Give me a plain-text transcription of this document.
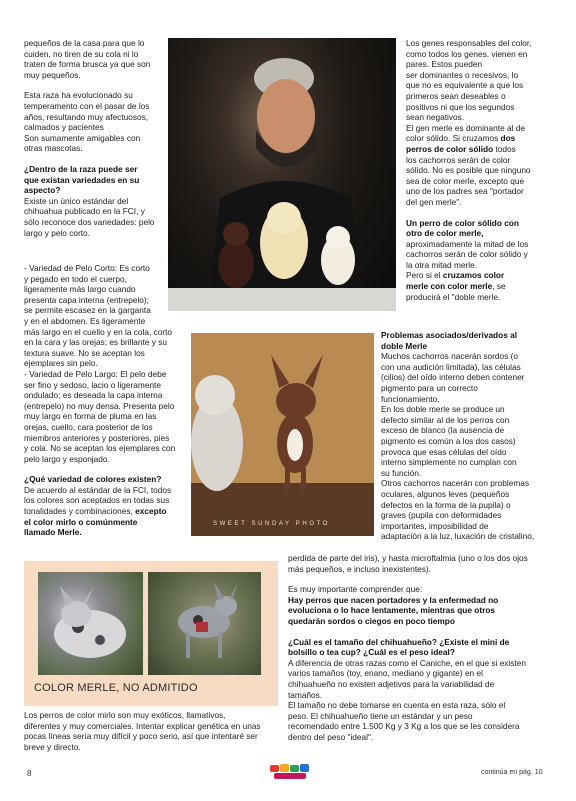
pequeños de la casa para que lo
cuiden, no tiren de su cola ni lo
traten de forma brusca ya que son
muy pequeños.

Esta raza ha evolucionado su
temperamento con el pasar de los
años, resultando muy afectuosos,
calmados y pacientes
Son sumamente amigables con
otras mascotas.

¿Dentro de la raza puede ser
que existan variedades en su
aspecto?

Existe un único estándar del
chihuahua publicado en la FCI, y
sólo reconoce dos variedades: pelo
largo y pelo corto.

- Variedad de Pelo Corto: Es corto
y pegado en todo el cuerpo,
ligeramente más largo cuando
presenta capa interna (entrepelo);
se permite escasez en la garganta
y en el abdomen. Es ligeramente
más largo en el cuello y en la cola, corto
en la cara y las orejas; es brillante y su
textura suave. No se aceptan los
ejemplares sin pelo.
- Variedad de Pelo Largo: El pelo debe
ser fino y sedoso, lacio o ligeramente
ondulado; es deseada la capa interna
(entrepelo) no muy densa. Presenta pelo
muy largo en forma de pluma en las
orejas, cuello, cara posterior de los
miembros anteriores y posteriores, pies
y cola. No se aceptan los ejemplares con
pelo largo y esponjado.

¿Qué variedad de colores existen?

De acuerdo al estándar de la FCI, todos
los colores son aceptados en todas sus
tonalidades y combinaciones, excepto
el color mirlo o comúnmente
llamado Merle.

Los genes responsables del color,
como todos los genes, vienen en
pares. Estos pueden
ser dominantes o recesivos, lo
que no es equivalente a que los
primeros sean deseables o
positivos ni que los segundos
sean negativos.
El gen merle es dominante al de
color sólido. Si cruzamos dos
perros de color sólido todos
los cachorros serán de color
sólido. No es posible que ninguno
sea de color merle, excepto que
uno de los padres sea "portador
del gen merle".

Un perro de color sólido con
otro de color merle,

aproximadamente la mitad de los
cachorros serán de color sólido y
la otra mitad merle.
Pero si el cruzamos color
merle con color merle, se
producirá el "doble merle.

SWEET SUNDAY PHOTO
Problemas asociados/derivados al
doble Merle
Muchos cachorros nacerán sordos (o
con una audición limitada), las células
(cilios) del oído interno deben contener
pigmento para un correcto
funcionamiento.
En los doble merle se produce un
defecto similar al de los perros con
exceso de blanco (la ausencia de
pigmento es común a los dos casos)
provoca que esas células del oído
interno simplemente no cumplan con
su función.
Otros cachorros nacerán con problemas
oculares, algunos leves (pequeños
defectos en la forma de la pupila) o
graves (pupila con deformidades
importantes, imposibilidad de
adaptación a la luz, luxación de cristalino,

perdida de parte del iris), y hasta microftalmia (uno o los dos ojos
más pequeños, e incluso inexistentes).

Es muy importante comprender que:
Hay perros que nacen portadores y la enfermedad no
evoluciona o lo hace lentamente, mientras que otros
quedarán sordos o ciegos en poco tiempo
¿Cuál es el tamaño del chihuahueño? ¿Existe el mini de
bolsillo o tea cup? ¿Cuál es el peso ideal?
A diferencia de otras razas como el Caniche, en el que si existen
varios tamaños (toy, enano, mediano y gigante) en el
chihuahueño no existen adjetivos para la variabilidad de
tamaños.
El tamaño no debe tomarse en cuenta en esta raza, sólo el
peso. El chihuahueño tiene un estándar y un peso
recomendado entre 1.500 Kg y 3 Kg a los que se les considera
dentro del peso "ideal".
COLOR MERLE, NO ADMITIDO
Los perros de color mirlo son muy exóticos, llamativos,
diferentes y muy comerciales. Intentar explicar genética en unas
pocas líneas sería muy difícil y poco serio, así que intentaré ser
breve y directo.
8	continúa en pág. 10
